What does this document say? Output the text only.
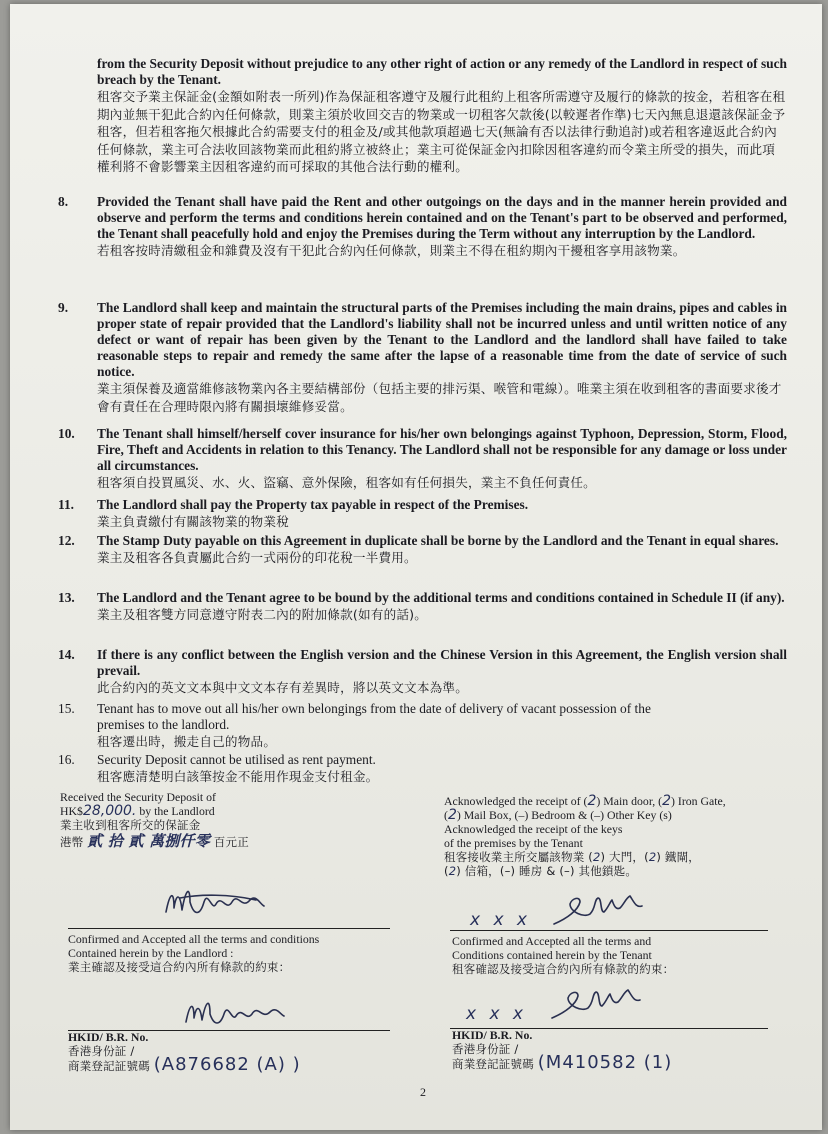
from the Security Deposit without prejudice to any other right of action or any remedy of the Landlord in respect of such breach by the Tenant.

租客交予業主保証金(金額如附表一所列)作為保証租客遵守及履行此租約上租客所需遵守及履行的條款的按金，若租客在租期內並無干犯此合約內任何條款，則業主須於收回交吉的物業或一切租客欠款後(以較遲者作準)七天內無息退還該保証金予租客，但若租客拖欠根據此合約需要支付的租金及/或其他款項超過七天(無論有否以法律行動追討)或若租客違返此合約內任何條款，業主可合法收回該物業而此租約將立被終止；業主可從保証金內扣除因租客違約而令業主所受的損失，而此項權利將不會影響業主因租客違約而可採取的其他合法行動的權利。

8. Provided the Tenant shall have paid the Rent and other outgoings on the days and in the manner herein provided and observe and perform the terms and conditions herein contained and on the Tenant's part to be observed and performed, the Tenant shall peacefully hold and enjoy the Premises during the Term without any interruption by the Landlord.

若租客按時清繳租金和雜費及沒有干犯此合約內任何條款，則業主不得在租約期內干擾租客享用該物業。

9. The Landlord shall keep and maintain the structural parts of the Premises including the main drains, pipes and cables in proper state of repair provided that the Landlord's liability shall not be incurred unless and until written notice of any defect or want of repair has been given by the Tenant to the Landlord and the landlord shall have failed to take reasonable steps to repair and remedy the same after the lapse of a reasonable time from the date of service of such notice.

業主須保養及適當維修該物業內各主要結構部份（包括主要的排污渠、喉管和電線）。唯業主須在收到租客的書面要求後才會有責任在合理時限內將有關損壞維修妥當。

10. The Tenant shall himself/herself cover insurance for his/her own belongings against Typhoon, Depression, Storm, Flood, Fire, Theft and Accidents in relation to this Tenancy. The Landlord shall not be responsible for any damage or loss under all circumstances.

租客須自投買風災、水、火、盜竊、意外保險，租客如有任何損失，業主不負任何責任。

11. The Landlord shall pay the Property tax payable in respect of the Premises.

業主負責繳付有關該物業的物業稅

12. The Stamp Duty payable on this Agreement in duplicate shall be borne by the Landlord and the Tenant in equal shares.

業主及租客各負責屬此合約一式兩份的印花稅一半費用。

13. The Landlord and the Tenant agree to be bound by the additional terms and conditions contained in Schedule II (if any).

業主及租客雙方同意遵守附表二內的附加條款(如有的話)。

14. If there is any conflict between the English version and the Chinese Version in this Agreement, the English version shall prevail.

此合約內的英文文本與中文文本存有差異時，將以英文文本為準。

15. Tenant has to move out all his/her own belongings from the date of delivery of vacant possession of the premises to the landlord.

租客遷出時，搬走自己的物品。

16. Security Deposit cannot be utilised as rent payment.

租客應清楚明白該筆按金不能用作現金支付租金。

Received the Security Deposit of
HK$28,000. by the Landlord
業主收到租客所交的保証金
港幣 貳 拾 貳 萬捌仟零 百元正
Confirmed and Accepted all the terms and conditions
Contained herein by the Landlord :
業主確認及接受這合約內所有條款的約束：
HKID/ B.R. No.
香港身份証 /
商業登記証號碼 (A876682 (A) )
Acknowledged the receipt of (2) Main door, (2) Iron Gate,
(2) Mail Box, (–) Bedroom & (–) Other Key (s)
Acknowledged the receipt of the keys
of the premises by the Tenant
租客接收業主所交屬該物業 (2) 大門，(2) 鐵閘，
(2) 信箱，(–) 睡房 & (–) 其他鎖匙。
x x x
Confirmed and Accepted all the terms and
Conditions contained herein by the Tenant
租客確認及接受這合約內所有條款的約束：
x x x
HKID/ B.R. No.
香港身份証 /
商業登記証號碼 (M410582 (1)
2
